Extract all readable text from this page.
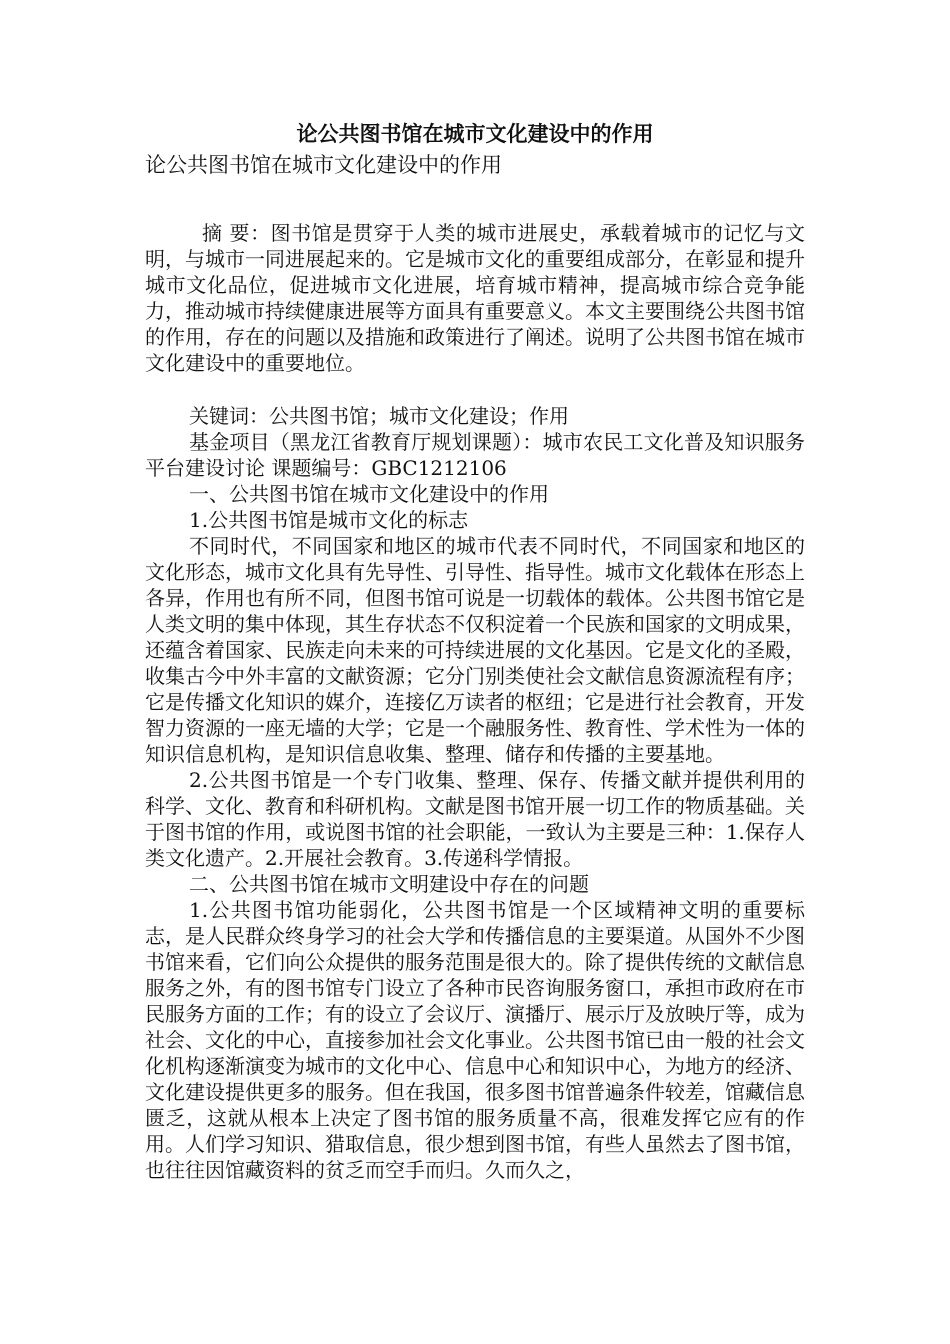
论公共图书馆在城市文化建设中的作用

论公共图书馆在城市文化建设中的作用

摘 要：图书馆是贯穿于人类的城市进展史，承载着城市的记忆与文明，与城市一同进展起来的。它是城市文化的重要组成部分，在彰显和提升城市文化品位，促进城市文化进展，培育城市精神，提高城市综合竞争能力，推动城市持续健康进展等方面具有重要意义。本文主要围绕公共图书馆的作用，存在的问题以及措施和政策进行了阐述。说明了公共图书馆在城市文化建设中的重要地位。

关键词：公共图书馆；城市文化建设；作用

基金项目（黑龙江省教育厅规划课题）：城市农民工文化普及知识服务平台建设讨论 课题编号：GBC1212106

一、公共图书馆在城市文化建设中的作用

1.公共图书馆是城市文化的标志

不同时代，不同国家和地区的城市代表不同时代，不同国家和地区的文化形态，城市文化具有先导性、引导性、指导性。城市文化载体在形态上各异，作用也有所不同，但图书馆可说是一切载体的载体。公共图书馆它是人类文明的集中体现，其生存状态不仅积淀着一个民族和国家的文明成果，还蕴含着国家、民族走向未来的可持续进展的文化基因。它是文化的圣殿，收集古今中外丰富的文献资源；它分门别类使社会文献信息资源流程有序；它是传播文化知识的媒介，连接亿万读者的枢纽；它是进行社会教育，开发智力资源的一座无墙的大学；它是一个融服务性、教育性、学术性为一体的知识信息机构，是知识信息收集、整理、储存和传播的主要基地。

2.公共图书馆是一个专门收集、整理、保存、传播文献并提供利用的科学、文化、教育和科研机构。文献是图书馆开展一切工作的物质基础。关于图书馆的作用，或说图书馆的社会职能，一致认为主要是三种：1.保存人类文化遗产。2.开展社会教育。3.传递科学情报。

二、公共图书馆在城市文明建设中存在的问题

1.公共图书馆功能弱化，公共图书馆是一个区域精神文明的重要标志，是人民群众终身学习的社会大学和传播信息的主要渠道。从国外不少图书馆来看，它们向公众提供的服务范围是很大的。除了提供传统的文献信息服务之外，有的图书馆专门设立了各种市民咨询服务窗口，承担市政府在市民服务方面的工作；有的设立了会议厅、演播厅、展示厅及放映厅等，成为社会、文化的中心，直接参加社会文化事业。公共图书馆已由一般的社会文化机构逐渐演变为城市的文化中心、信息中心和知识中心，为地方的经济、文化建设提供更多的服务。但在我国，很多图书馆普遍条件较差，馆藏信息匮乏，这就从根本上决定了图书馆的服务质量不高，很难发挥它应有的作用。人们学习知识、猎取信息，很少想到图书馆，有些人虽然去了图书馆，也往往因馆藏资料的贫乏而空手而归。久而久之，
